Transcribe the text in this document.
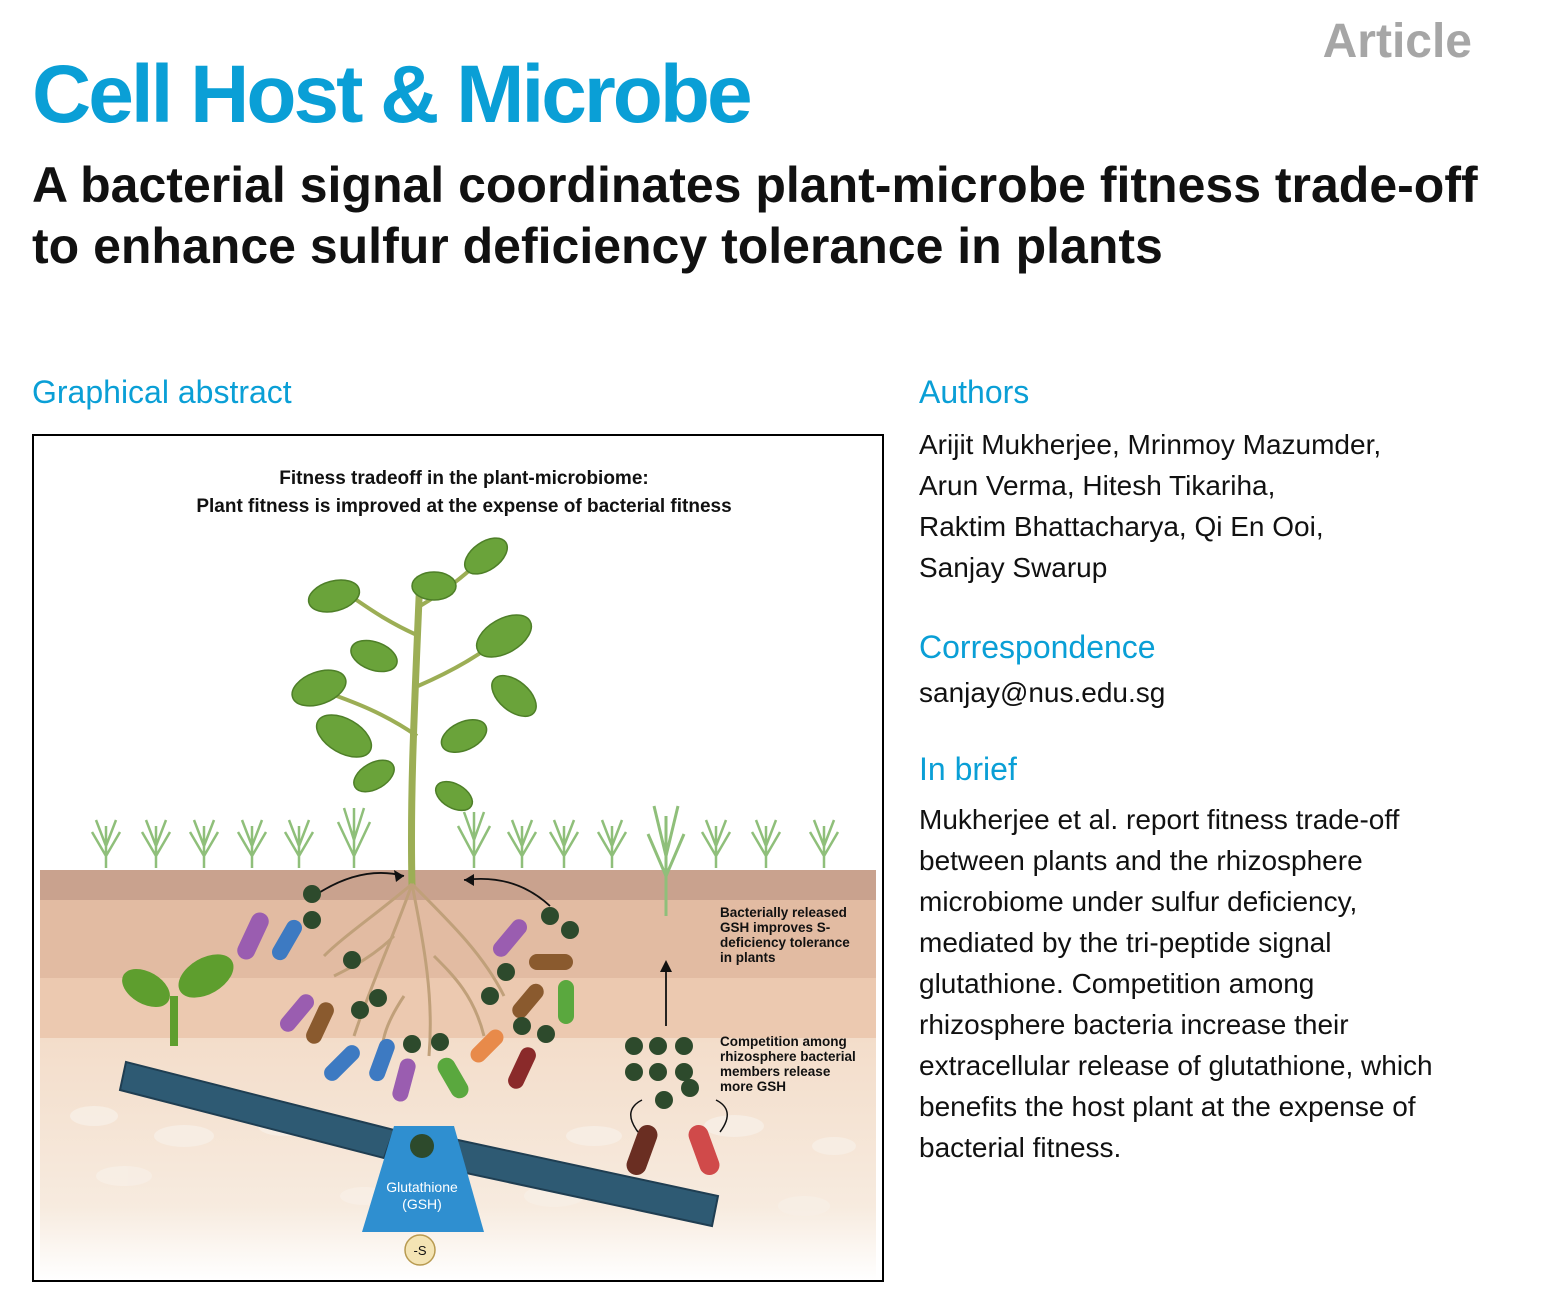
Article
Cell Host & Microbe
A bacterial signal coordinates plant-microbe fitness trade-off to enhance sulfur deficiency tolerance in plants
Graphical abstract
Fitness tradeoff in the plant-microbiome:
Plant fitness is improved at the expense of bacterial fitness
Bacterially released
GSH improves S-
deficiency tolerance
in plants
Competition among
rhizosphere bacterial
members release
more GSH
Glutathione
(GSH)
-S
Authors
Arijit Mukherjee, Mrinmoy Mazumder,
Arun Verma, Hitesh Tikariha,
Raktim Bhattacharya, Qi En Ooi,
Sanjay Swarup
Correspondence
sanjay@nus.edu.sg
In brief
Mukherjee et al. report fitness trade-off
between plants and the rhizosphere
microbiome under sulfur deficiency,
mediated by the tri-peptide signal
glutathione. Competition among
rhizosphere bacteria increase their
extracellular release of glutathione, which
benefits the host plant at the expense of
bacterial fitness.
